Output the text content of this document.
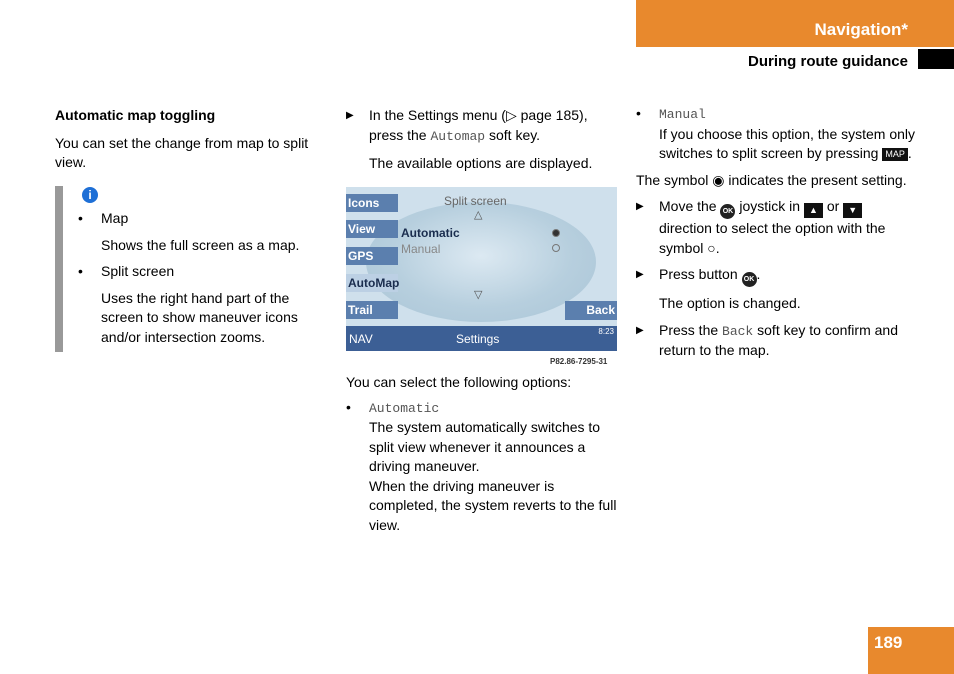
Navigation*
During route guidance

Automatic map toggling

You can set the change from map to split view.

i

• Map

Shows the full screen as a map.

• Split screen

Uses the right hand part of the screen to show maneuver icons and/or intersection zooms.

▶ In the Settings menu (▷ page 185), press the Automap soft key.

The available options are displayed.

Icons
View
GPS
AutoMap
Trail	Back
Split screen
△
Automatic
Manual
▽
NAV	Settings
8:23
P82.86-7295-31

You can select the following options:

• Automatic

The system automatically switches to split view whenever it announces a driving maneuver.

When the driving maneuver is completed, the system reverts to the full view.

• Manual

If you choose this option, the system only switches to split screen by pressing MAP .

The symbol ◉ indicates the present setting.

▶ Move the OK joystick in ▲ or ▼ direction to select the option with the symbol ○.

▶ Press button OK .

The option is changed.

▶ Press the Back soft key to confirm and return to the map.

189
